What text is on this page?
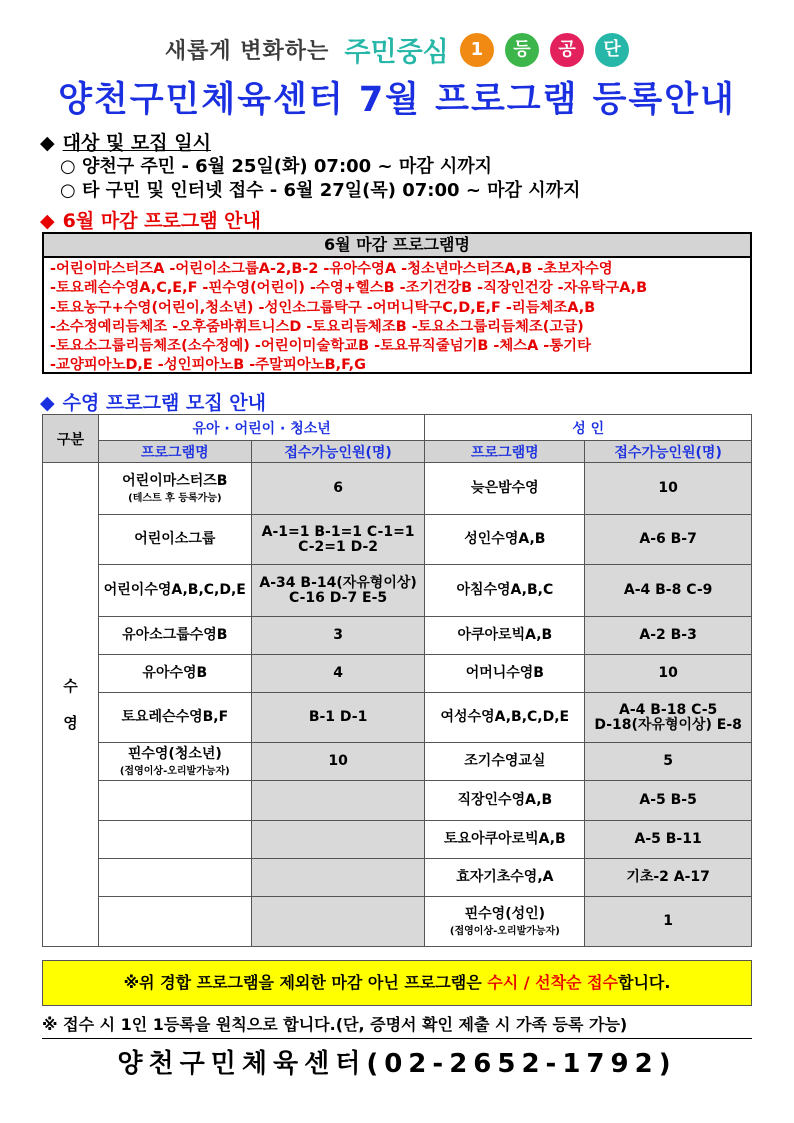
새롭게 변화하는 주민중심 1 등 공 단
양천구민체육센터 7월 프로그램 등록안내
◆ 대상 및 모집 일시
○ 양천구 주민 - 6월 25일(화) 07:00 ~ 마감 시까지
○ 타 구민 및 인터넷 접수 - 6월 27일(목) 07:00 ~ 마감 시까지
◆ 6월 마감 프로그램 안내
6월 마감 프로그램명
-어린이마스터즈A -어린이소그룹A-2,B-2 -유아수영A -청소년마스터즈A,B -초보자수영
-토요레슨수영A,C,E,F -핀수영(어린이) -수영+헬스B -조기건강B -직장인건강 -자유탁구A,B
-토요농구+수영(어린이,청소년) -성인소그룹탁구 -어머니탁구C,D,E,F -리듬체조A,B
-소수정예리듬체조 -오후줌바휘트니스D -토요리듬체조B -토요소그룹리듬체조(고급)
-토요소그룹리듬체조(소수정예) -어린이미술학교B -토요뮤직줄넘기B -체스A -통기타
-교양피아노D,E -성인피아노B -주말피아노B,F,G
◆ 수영 프로그램 모집 안내
구분	유아 · 어린이 · 청소년		성 인	
	프로그램명	접수가능인원(명)	프로그램명	접수가능인원(명)

수
영	어린이마스터즈B
(테스트 후 등록가능)	6	늦은밤수영	10

	어린이소그룹	A-1=1 B-1=1 C-1=1
C-2=1 D-2	성인수영A,B	A-6 B-7

	어린이수영A,B,C,D,E	A-34 B-14(자유형이상)
C-16 D-7 E-5	아침수영A,B,C	A-4 B-8 C-9

	유아소그룹수영B	3	아쿠아로빅A,B	A-2 B-3

	유아수영B	4	어머니수영B	10

	토요레슨수영B,F	B-1 D-1	여성수영A,B,C,D,E	A-4 B-18 C-5
D-18(자유형이상) E-8

	핀수영(청소년)
(접영이상-오리발가능자)	10	조기수영교실	5

			직장인수영A,B	A-5 B-5

			토요아쿠아로빅A,B	A-5 B-11

			효자기초수영,A	기초-2 A-17

			핀수영(성인)
(접영이상-오리발가능자)	1
※위 경합 프로그램을 제외한 마감 아닌 프로그램은 수시 / 선착순 접수합니다.
※ 접수 시 1인 1등록을 원칙으로 합니다.(단, 증명서 확인 제출 시 가족 등록 가능)
양천구민체육센터(02-2652-1792)
